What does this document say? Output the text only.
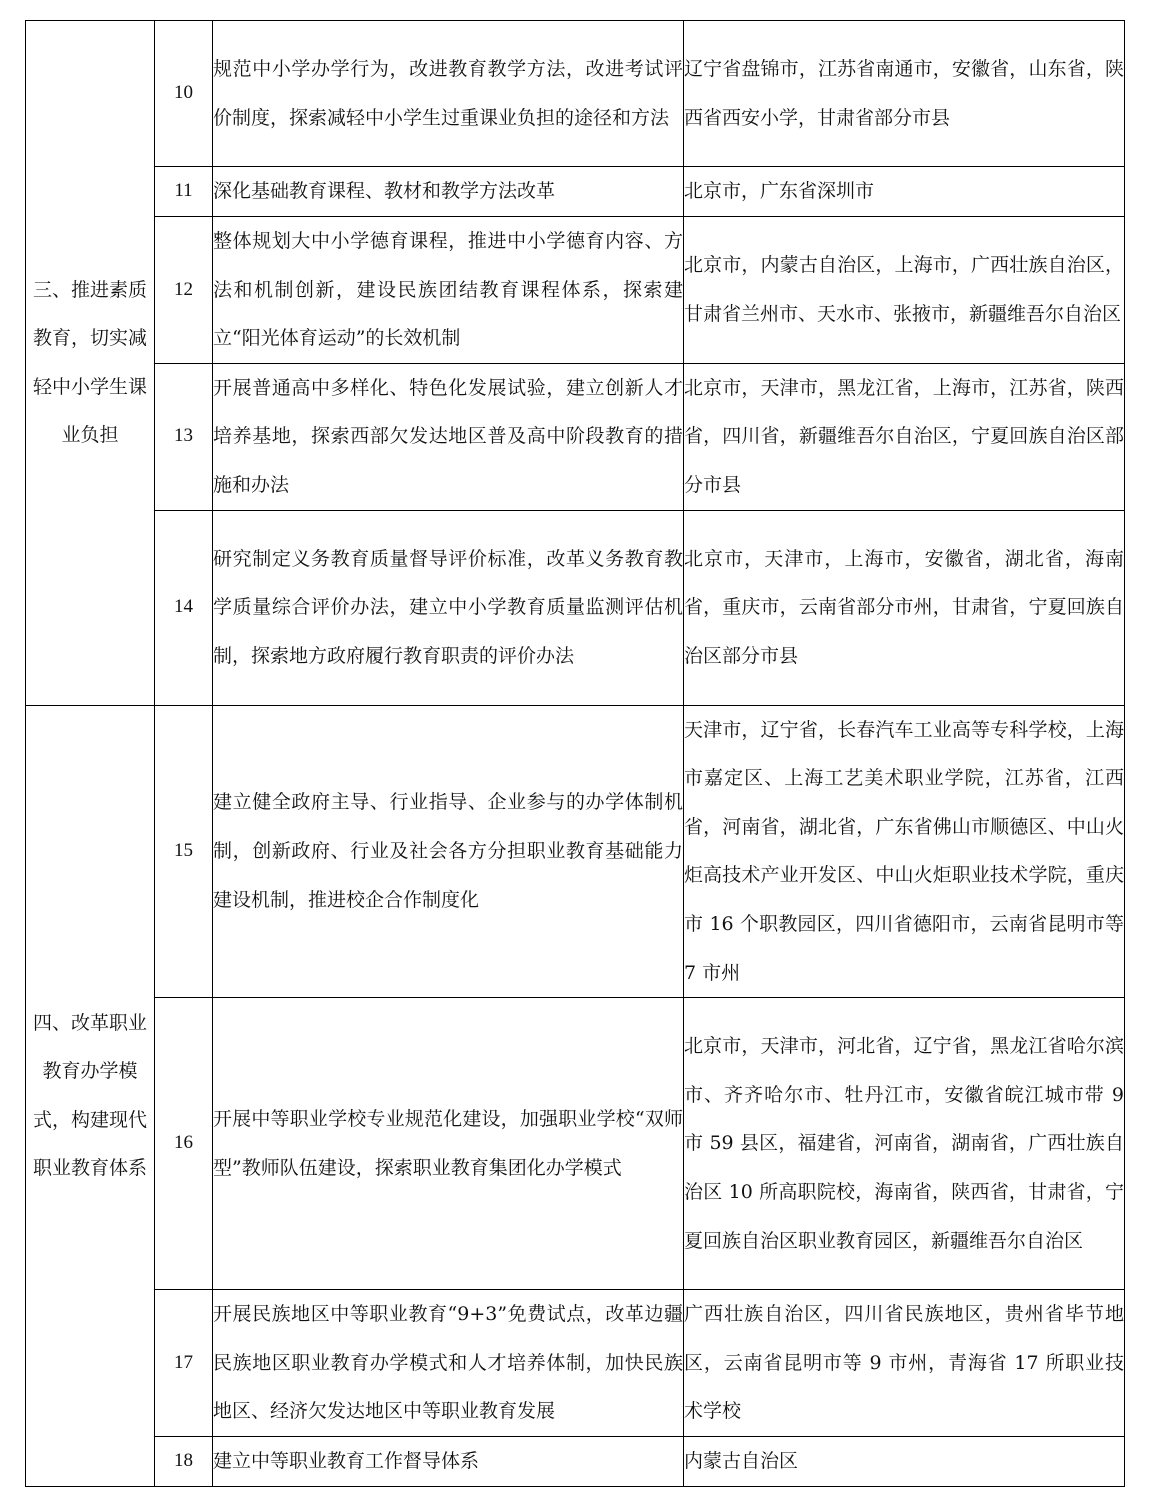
三、推进素质教育，切实减轻中小学生课业负担	10	规范中小学办学行为，改进教育教学方法，改进考试评价制度，探索减轻中小学生过重课业负担的途径和方法	辽宁省盘锦市，江苏省南通市，安徽省，山东省，陕西省西安小学，甘肃省部分市县
	11	深化基础教育课程、教材和教学方法改革	北京市，广东省深圳市
	12	整体规划大中小学德育课程，推进中小学德育内容、方法和机制创新，建设民族团结教育课程体系，探索建立“阳光体育运动”的长效机制	北京市，内蒙古自治区，上海市，广西壮族自治区，甘肃省兰州市、天水市、张掖市，新疆维吾尔自治区
	13	开展普通高中多样化、特色化发展试验，建立创新人才培养基地，探索西部欠发达地区普及高中阶段教育的措施和办法	北京市，天津市，黑龙江省，上海市，江苏省，陕西省，四川省，新疆维吾尔自治区，宁夏回族自治区部分市县
	14	研究制定义务教育质量督导评价标准，改革义务教育教学质量综合评价办法，建立中小学教育质量监测评估机制，探索地方政府履行教育职责的评价办法	北京市，天津市，上海市，安徽省，湖北省，海南省，重庆市，云南省部分市州，甘肃省，宁夏回族自治区部分市县
四、改革职业教育办学模式，构建现代职业教育体系	15	建立健全政府主导、行业指导、企业参与的办学体制机制，创新政府、行业及社会各方分担职业教育基础能力建设机制，推进校企合作制度化	天津市，辽宁省，长春汽车工业高等专科学校，上海市嘉定区、上海工艺美术职业学院，江苏省，江西省，河南省，湖北省，广东省佛山市顺德区、中山火炬高技术产业开发区、中山火炬职业技术学院，重庆市 16 个职教园区，四川省德阳市，云南省昆明市等 7 市州
	16	开展中等职业学校专业规范化建设，加强职业学校“双师型”教师队伍建设，探索职业教育集团化办学模式	北京市，天津市，河北省，辽宁省，黑龙江省哈尔滨市、齐齐哈尔市、牡丹江市，安徽省皖江城市带 9 市 59 县区，福建省，河南省，湖南省，广西壮族自治区 10 所高职院校，海南省，陕西省，甘肃省，宁夏回族自治区职业教育园区，新疆维吾尔自治区
	17	开展民族地区中等职业教育“9+3”免费试点，改革边疆民族地区职业教育办学模式和人才培养体制，加快民族地区、经济欠发达地区中等职业教育发展	广西壮族自治区，四川省民族地区，贵州省毕节地区，云南省昆明市等 9 市州，青海省 17 所职业技术学校
	18	建立中等职业教育工作督导体系	内蒙古自治区
